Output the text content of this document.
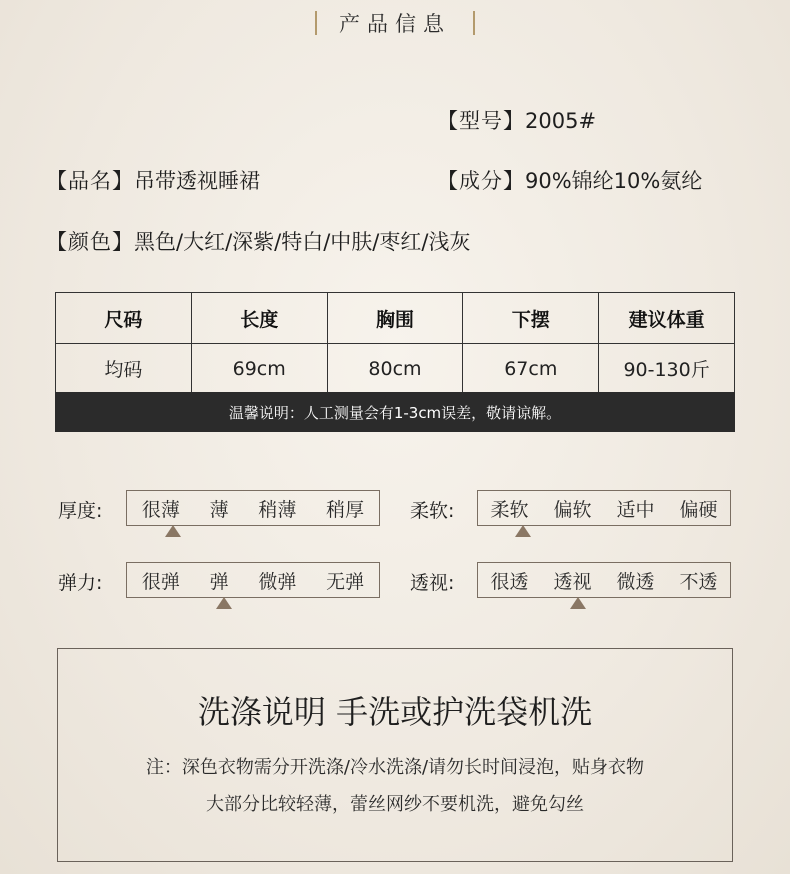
产品信息
【型号】2005#
【品名】吊带透视睡裙	【成分】90%锦纶10%氨纶
【颜色】黑色/大红/深紫/特白/中肤/枣红/浅灰
尺码	长度	胸围	下摆	建议体重
均码	69cm	80cm	67cm	90-130斤
温馨说明：人工测量会有1-3cm误差，敬请谅解。
厚度: 很薄 薄 稍薄 稍厚 柔软: 柔软 偏软 适中 偏硬
弹力: 很弹 弹 微弹 无弹 透视: 很透 透视 微透 不透
洗涤说明 手洗或护洗袋机洗
注：深色衣物需分开洗涤/冷水洗涤/请勿长时间浸泡，贴身衣物
大部分比较轻薄，蕾丝网纱不要机洗，避免勾丝
